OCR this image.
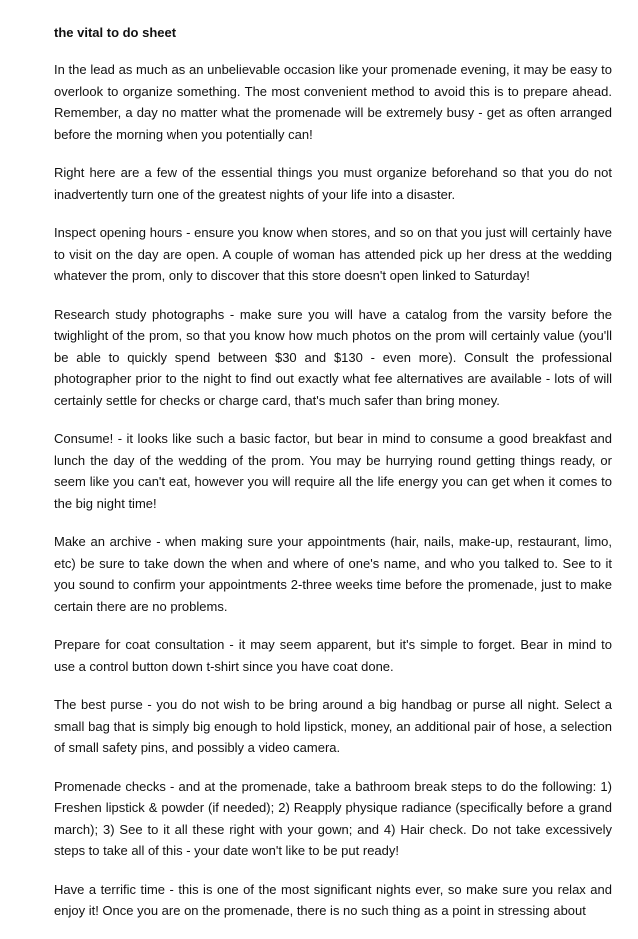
the vital to do sheet

In the lead as much as an unbelievable occasion like your promenade evening, it may be easy to overlook to organize something. The most convenient method to avoid this is to prepare ahead. Remember, a day no matter what the promenade will be extremely busy - get as often arranged before the morning when you potentially can!

Right here are a few of the essential things you must organize beforehand so that you do not inadvertently turn one of the greatest nights of your life into a disaster.

Inspect opening hours - ensure you know when stores, and so on that you just will certainly have to visit on the day are open. A couple of woman has attended pick up her dress at the wedding whatever the prom, only to discover that this store doesn't open linked to Saturday!

Research study photographs - make sure you will have a catalog from the varsity before the twighlight of the prom, so that you know how much photos on the prom will certainly value (you'll be able to quickly spend between $30 and $130 - even more). Consult the professional photographer prior to the night to find out exactly what fee alternatives are available - lots of will certainly settle for checks or charge card, that's much safer than bring money.

Consume! - it looks like such a basic factor, but bear in mind to consume a good breakfast and lunch the day of the wedding of the prom. You may be hurrying round getting things ready, or seem like you can't eat, however you will require all the life energy you can get when it comes to the big night time!

Make an archive - when making sure your appointments (hair, nails, make-up, restaurant, limo, etc) be sure to take down the when and where of one's name, and who you talked to. See to it you sound to confirm your appointments 2-three weeks time before the promenade, just to make certain there are no problems.

Prepare for coat consultation - it may seem apparent, but it's simple to forget. Bear in mind to use a control button down t-shirt since you have coat done.

The best purse - you do not wish to be bring around a big handbag or purse all night. Select a small bag that is simply big enough to hold lipstick, money, an additional pair of hose, a selection of small safety pins, and possibly a video camera.

Promenade checks - and at the promenade, take a bathroom break steps to do the following: 1) Freshen lipstick & powder (if needed); 2) Reapply physique radiance (specifically before a grand march); 3) See to it all these right with your gown; and 4) Hair check. Do not take excessively steps to take all of this - your date won't like to be put ready!

Have a terrific time - this is one of the most significant nights ever, so make sure you relax and enjoy it! Once you are on the promenade, there is no such thing as a point in stressing about
